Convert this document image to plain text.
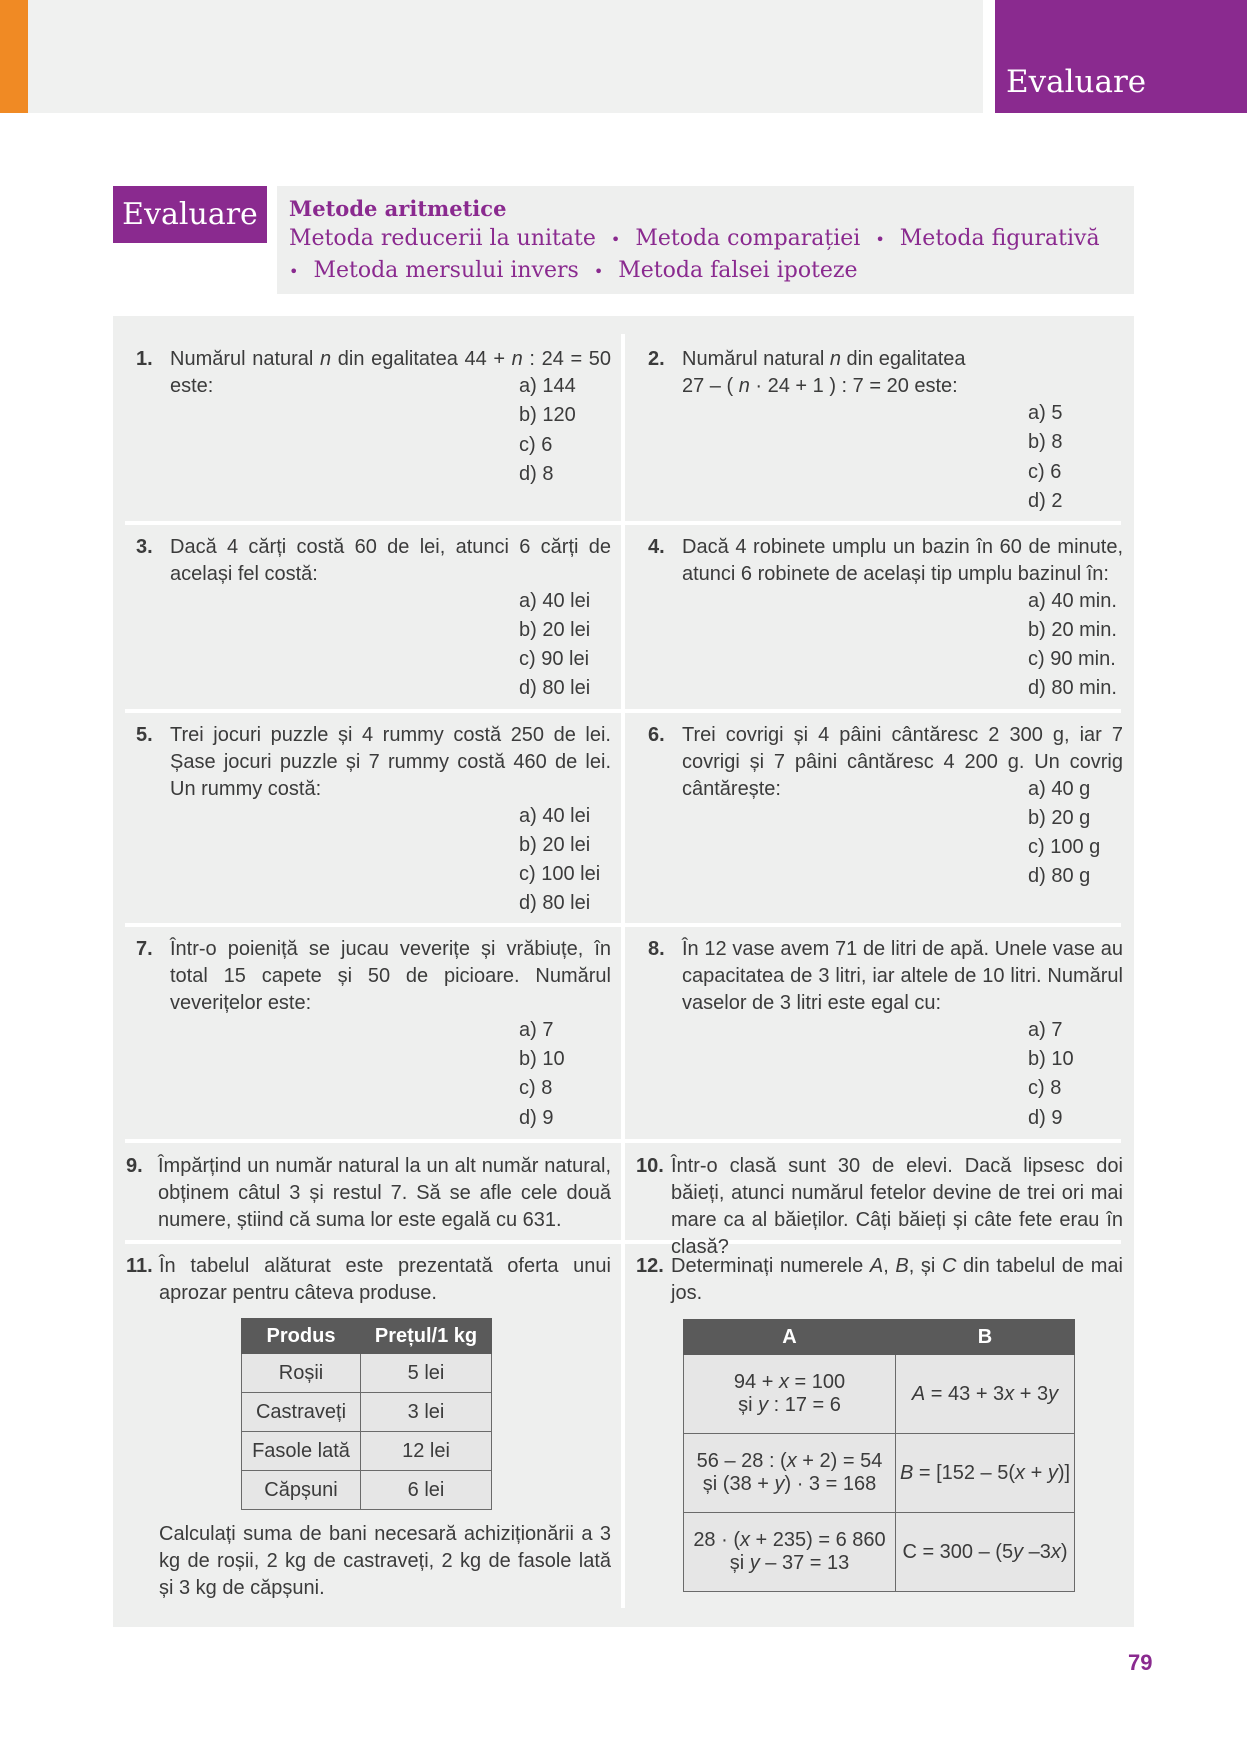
Evaluare
Evaluare	Metode aritmetice
Metoda reducerii la unitate • Metoda comparației • Metoda figurativă
• Metoda mersului invers • Metoda falsei ipoteze
1. Numărul natural n din egalitatea 44 + n : 24 = 50 este:	a) 144
b) 120
c) 6
d) 8
2. Numărul natural n din egalitatea
27 – ( n · 24 + 1 ) : 7 = 20 este:
a) 5
b) 8
c) 6
d) 2
3. Dacă 4 cărți costă 60 de lei, atunci 6 cărți de același fel costă:
a) 40 lei
b) 20 lei
c) 90 lei
d) 80 lei
4. Dacă 4 robinete umplu un bazin în 60 de minute, atunci 6 robinete de același tip umplu bazinul în:
a) 40 min.
b) 20 min.
c) 90 min.
d) 80 min.
5. Trei jocuri puzzle și 4 rummy costă 250 de lei. Șase jocuri puzzle și 7 rummy costă 460 de lei. Un rummy costă:
a) 40 lei
b) 20 lei
c) 100 lei
d) 80 lei
6. Trei covrigi și 4 pâini cântăresc 2 300 g, iar 7 covrigi și 7 pâini cântăresc 4 200 g. Un covrig cântărește:	a) 40 g
b) 20 g
c) 100 g
d) 80 g
7. Într-o poieniță se jucau veverițe și vrăbiuțe, în total 15 capete și 50 de picioare. Numărul veverițelor este:
a) 7
b) 10
c) 8
d) 9
8. În 12 vase avem 71 de litri de apă. Unele vase au capacitatea de 3 litri, iar altele de 10 litri. Numărul vaselor de 3 litri este egal cu:
a) 7
b) 10
c) 8
d) 9
9. Împărțind un număr natural la un alt număr natural, obținem câtul 3 și restul 7. Să se afle cele două numere, știind că suma lor este egală cu 631.
10. Într-o clasă sunt 30 de elevi. Dacă lipsesc doi băieți, atunci numărul fetelor devine de trei ori mai mare ca al băieților. Câți băieți și câte fete erau în clasă?
11. În tabelul alăturat este prezentată oferta unui aprozar pentru câteva produse.
Produs	Prețul/1 kg
Roșii	5 lei
Castraveți	3 lei
Fasole lată	12 lei
Căpșuni	6 lei
Calculați suma de bani necesară achiziționării a 3 kg de roșii, 2 kg de castraveți, 2 kg de fasole lată și 3 kg de căpșuni.
12. Determinați numerele A, B, și C din tabelul de mai jos.
A	B
94 + x = 100
și y : 17 = 6	A = 43 + 3x + 3y
56 – 28 : (x + 2) = 54
și (38 + y) · 3 = 168	B = [152 – 5(x + y)]
28 · (x + 235) = 6 860
și y – 37 = 13	C = 300 – (5y –3x)
79
